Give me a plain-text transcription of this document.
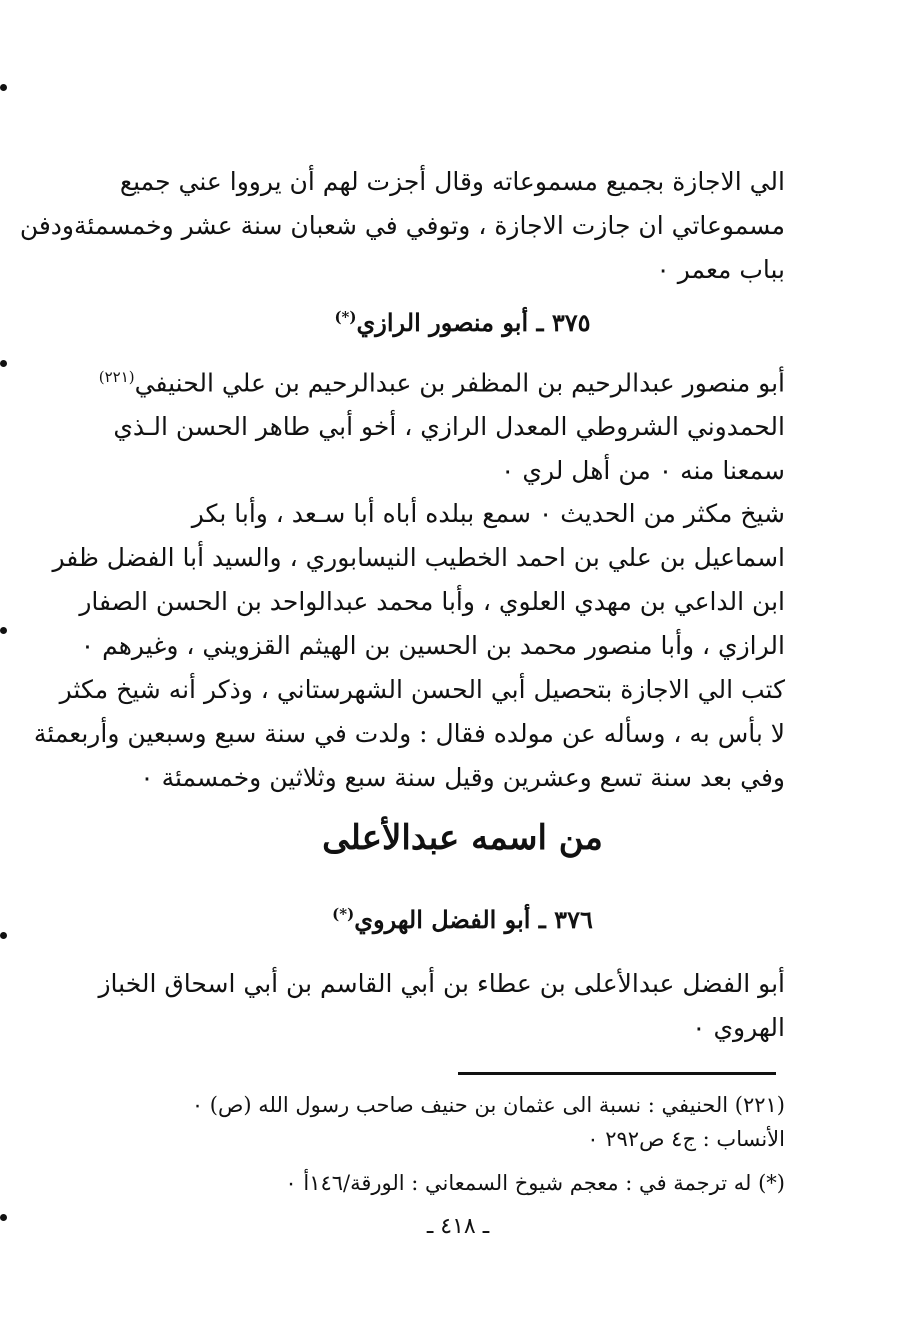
الي الاجازة بجميع مسموعاته وقال أجزت لهم أن يرووا عني جميع
مسموعاتي ان جازت الاجازة ، وتوفي في شعبان سنة عشر وخمسمئةودفن
بباب معمر ٠
٣٧٥ ـ أبو منصور الرازي(*)
أبو منصور عبدالرحيم بن المظفر بن عبدالرحيم بن علي الحنيفي$^{(٢٢١)}$
الحمدوني الشروطي المعدل الرازي ، أخو أبي طاهر الحسن الـذي
سمعنا منه ٠ من أهل لري ٠
شيخ مكثر من الحديث ٠ سمع ببلده أباه أبا سـعد ، وأبا بكر
اسماعيل بن علي بن احمد الخطيب النيسابوري ، والسيد أبا الفضل ظفر
ابن الداعي بن مهدي العلوي ، وأبا محمد عبدالواحد بن الحسن الصفار
الرازي ، وأبا منصور محمد بن الحسين بن الهيثم القزويني ، وغيرهم ٠
كتب الي الاجازة بتحصيل أبي الحسن الشهرستاني ، وذكر أنه شيخ مكثر
لا بأس به ، وسأله عن مولده فقال : ولدت في سنة سبع وسبعين وأربعمئة
وفي بعد سنة تسع وعشرين وقيل سنة سبع وثلاثين وخمسمئة ٠
من اسمه عبدالأعلى
٣٧٦ ـ أبو الفضل الهروي(*)
أبو الفضل عبدالأعلى بن عطاء بن أبي القاسم بن أبي اسحاق الخباز
الهروي ٠
(٢٢١) الحنيفي : نسبة الى عثمان بن حنيف صاحب رسول الله (ص) ٠
الأنساب : ج٤ ص٢٩٢ ٠
(*) له ترجمة في : معجم شيوخ السمعاني : الورقة/١٤٦أ ٠
ـ ٤١٨ ـ
